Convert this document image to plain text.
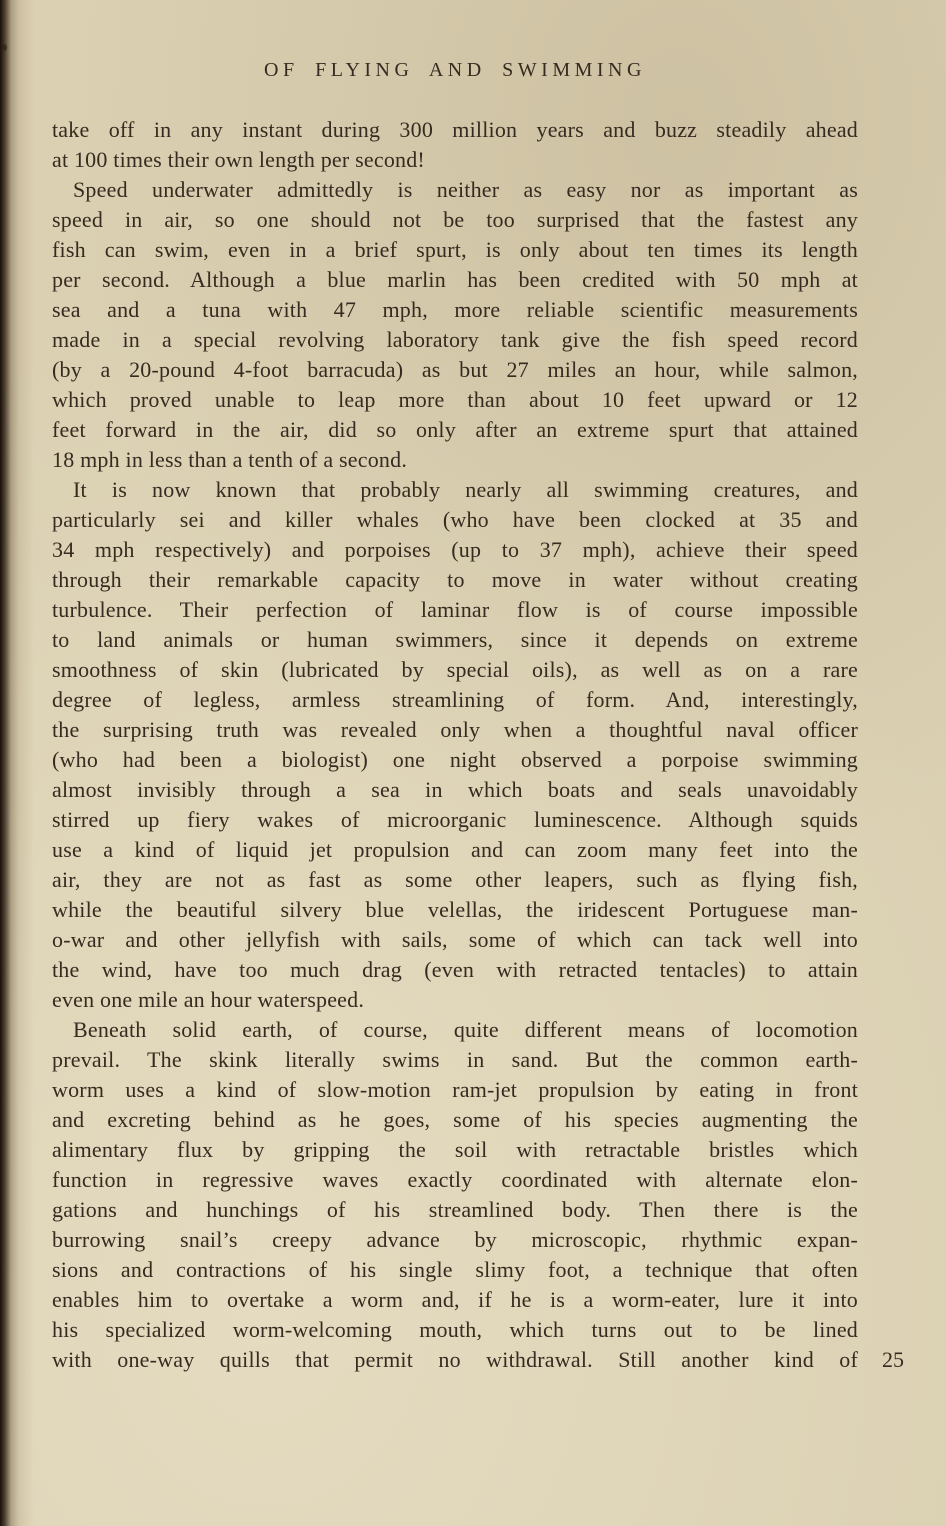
OF FLYING AND SWIMMING
take off in any instant during 300 million years and buzz steadily ahead
at 100 times their own length per second!
Speed underwater admittedly is neither as easy nor as important as
speed in air, so one should not be too surprised that the fastest any
fish can swim, even in a brief spurt, is only about ten times its length
per second. Although a blue marlin has been credited with 50 mph at
sea and a tuna with 47 mph, more reliable scientific measurements
made in a special revolving laboratory tank give the fish speed record
(by a 20-pound 4-foot barracuda) as but 27 miles an hour, while salmon,
which proved unable to leap more than about 10 feet upward or 12
feet forward in the air, did so only after an extreme spurt that attained
18 mph in less than a tenth of a second.
It is now known that probably nearly all swimming creatures, and
particularly sei and killer whales (who have been clocked at 35 and
34 mph respectively) and porpoises (up to 37 mph), achieve their speed
through their remarkable capacity to move in water without creating
turbulence. Their perfection of laminar flow is of course impossible
to land animals or human swimmers, since it depends on extreme
smoothness of skin (lubricated by special oils), as well as on a rare
degree of legless, armless streamlining of form. And, interestingly,
the surprising truth was revealed only when a thoughtful naval officer
(who had been a biologist) one night observed a porpoise swimming
almost invisibly through a sea in which boats and seals unavoidably
stirred up fiery wakes of microorganic luminescence. Although squids
use a kind of liquid jet propulsion and can zoom many feet into the
air, they are not as fast as some other leapers, such as flying fish,
while the beautiful silvery blue velellas, the iridescent Portuguese man-
o-war and other jellyfish with sails, some of which can tack well into
the wind, have too much drag (even with retracted tentacles) to attain
even one mile an hour waterspeed.
Beneath solid earth, of course, quite different means of locomotion
prevail. The skink literally swims in sand. But the common earth-
worm uses a kind of slow-motion ram-jet propulsion by eating in front
and excreting behind as he goes, some of his species augmenting the
alimentary flux by gripping the soil with retractable bristles which
function in regressive waves exactly coordinated with alternate elon-
gations and hunchings of his streamlined body. Then there is the
burrowing snail’s creepy advance by microscopic, rhythmic expan-
sions and contractions of his single slimy foot, a technique that often
enables him to overtake a worm and, if he is a worm-eater, lure it into
his specialized worm-welcoming mouth, which turns out to be lined
with one-way quills that permit no withdrawal. Still another kind of 25
